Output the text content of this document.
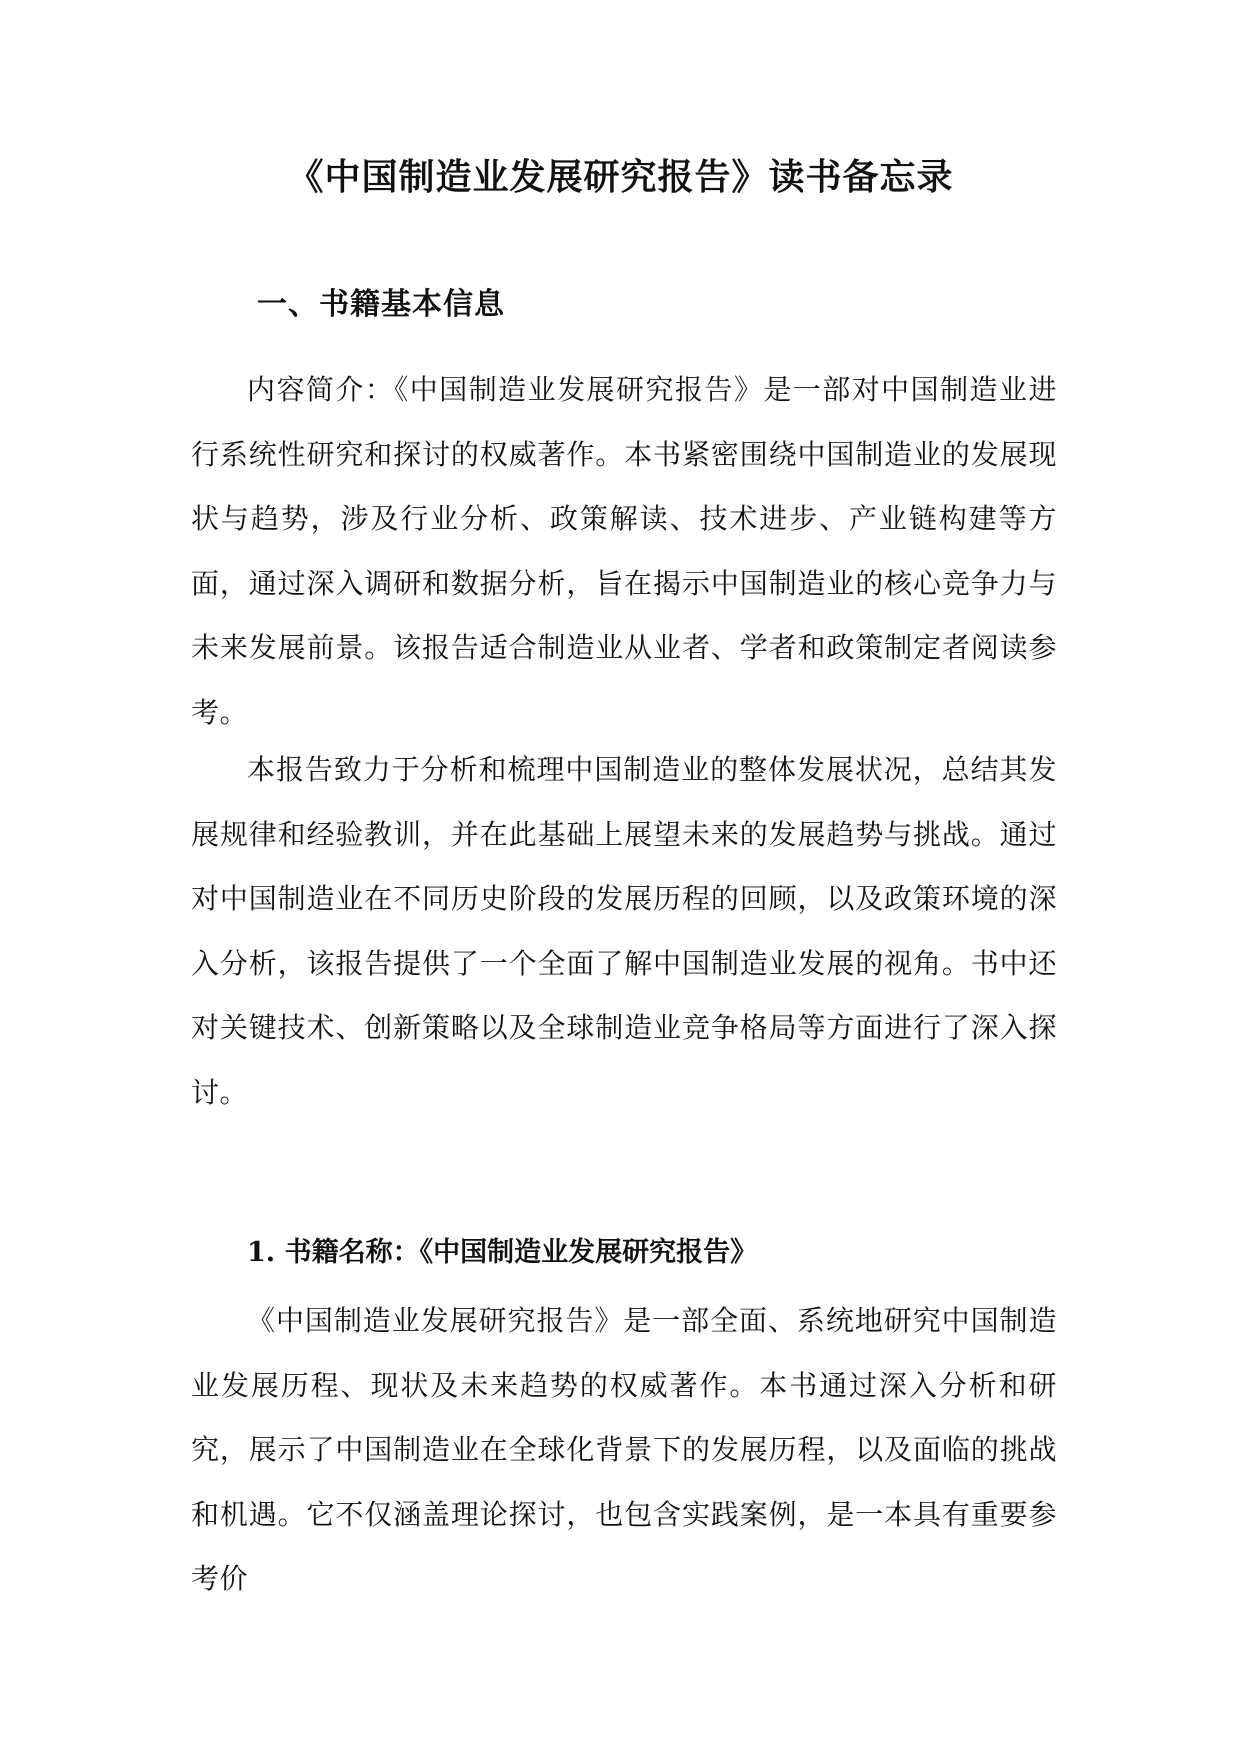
《中国制造业发展研究报告》读书备忘录
一、书籍基本信息

内容简介：《中国制造业发展研究报告》是一部对中国制造业进行系统性研究和探讨的权威著作。本书紧密围绕中国制造业的发展现状与趋势，涉及行业分析、政策解读、技术进步、产业链构建等方面，通过深入调研和数据分析，旨在揭示中国制造业的核心竞争力与未来发展前景。该报告适合制造业从业者、学者和政策制定者阅读参考。

本报告致力于分析和梳理中国制造业的整体发展状况，总结其发展规律和经验教训，并在此基础上展望未来的发展趋势与挑战。通过对中国制造业在不同历史阶段的发展历程的回顾，以及政策环境的深入分析，该报告提供了一个全面了解中国制造业发展的视角。书中还对关键技术、创新策略以及全球制造业竞争格局等方面进行了深入探讨。

1. 书籍名称：《中国制造业发展研究报告》

《中国制造业发展研究报告》是一部全面、系统地研究中国制造业发展历程、现状及未来趋势的权威著作。本书通过深入分析和研究，展示了中国制造业在全球化背景下的发展历程，以及面临的挑战和机遇。它不仅涵盖理论探讨，也包含实践案例，是一本具有重要参考价
